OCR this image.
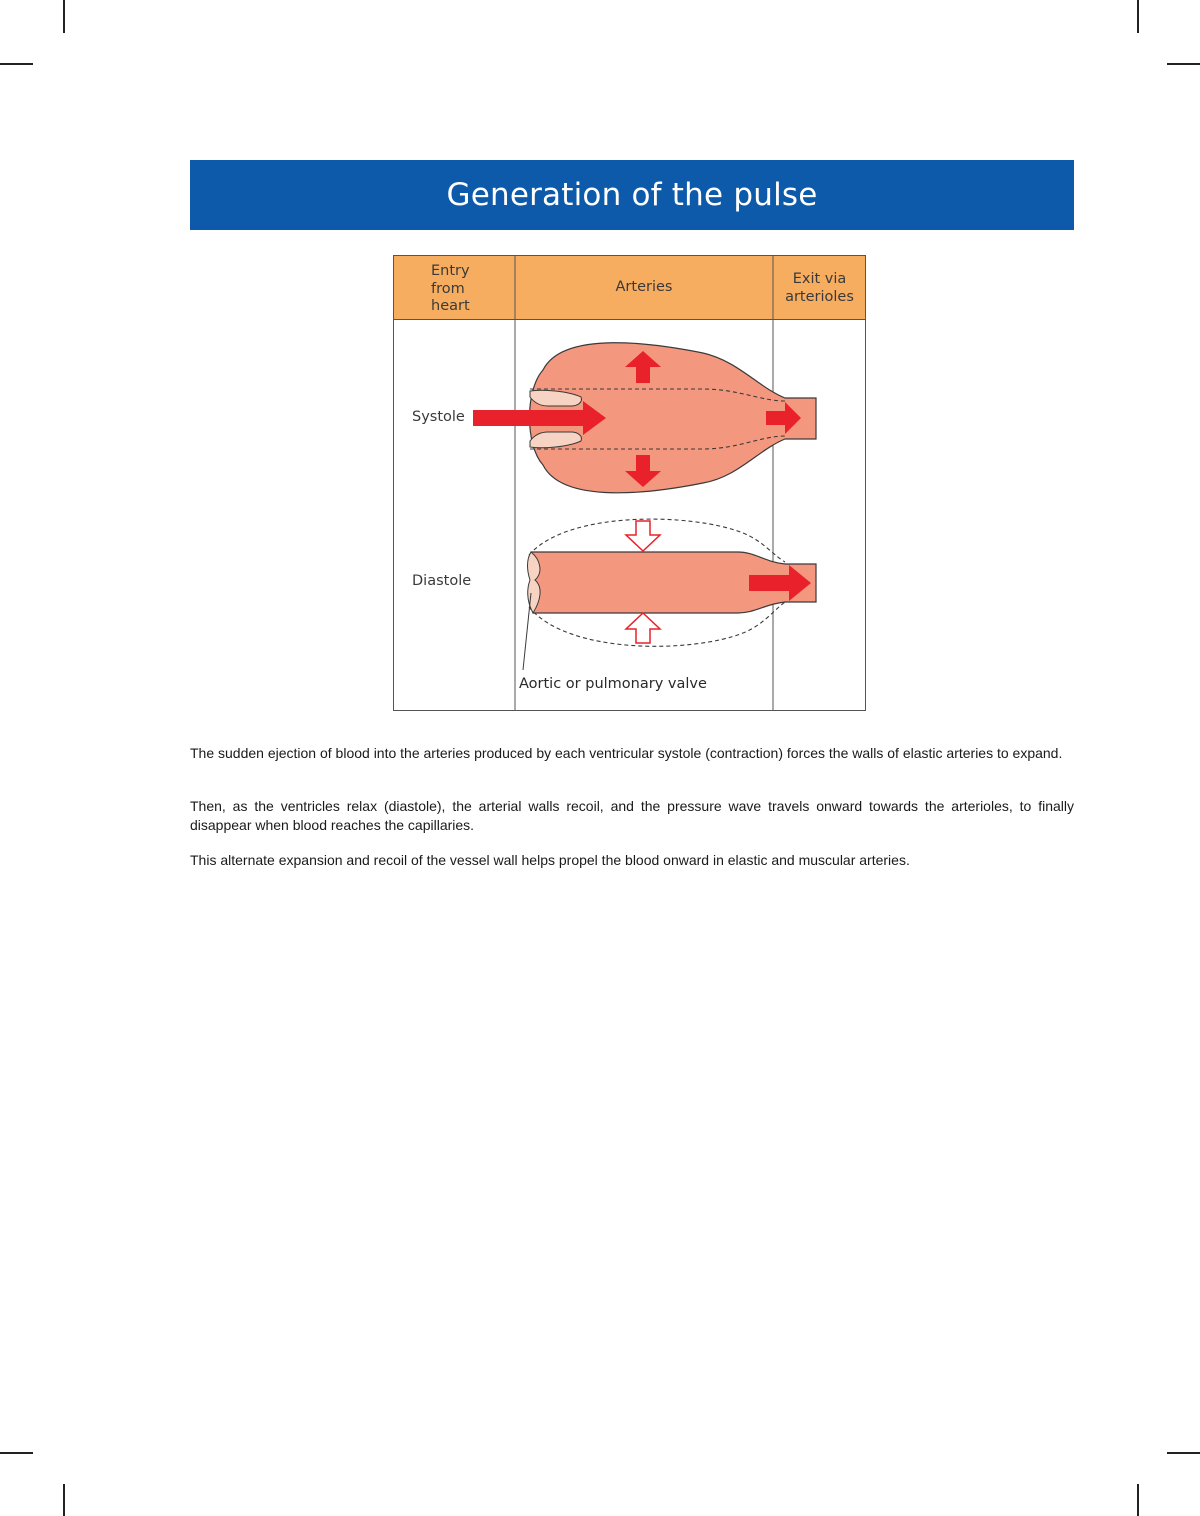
Generation of the pulse
Entry
from
heart
Arteries	Exit via
arterioles
Systole
Diastole
Aortic or pulmonary valve

The sudden ejection of blood into the arteries produced by each ventricular systole (contraction) forces the walls of elastic arteries to expand.

Then, as the ventricles relax (diastole), the arterial walls recoil, and the pressure wave travels onward towards the arterioles, to finally disappear when blood reaches the capillaries.

This alternate expansion and recoil of the vessel wall helps propel the blood onward in elastic and muscular arteries.
